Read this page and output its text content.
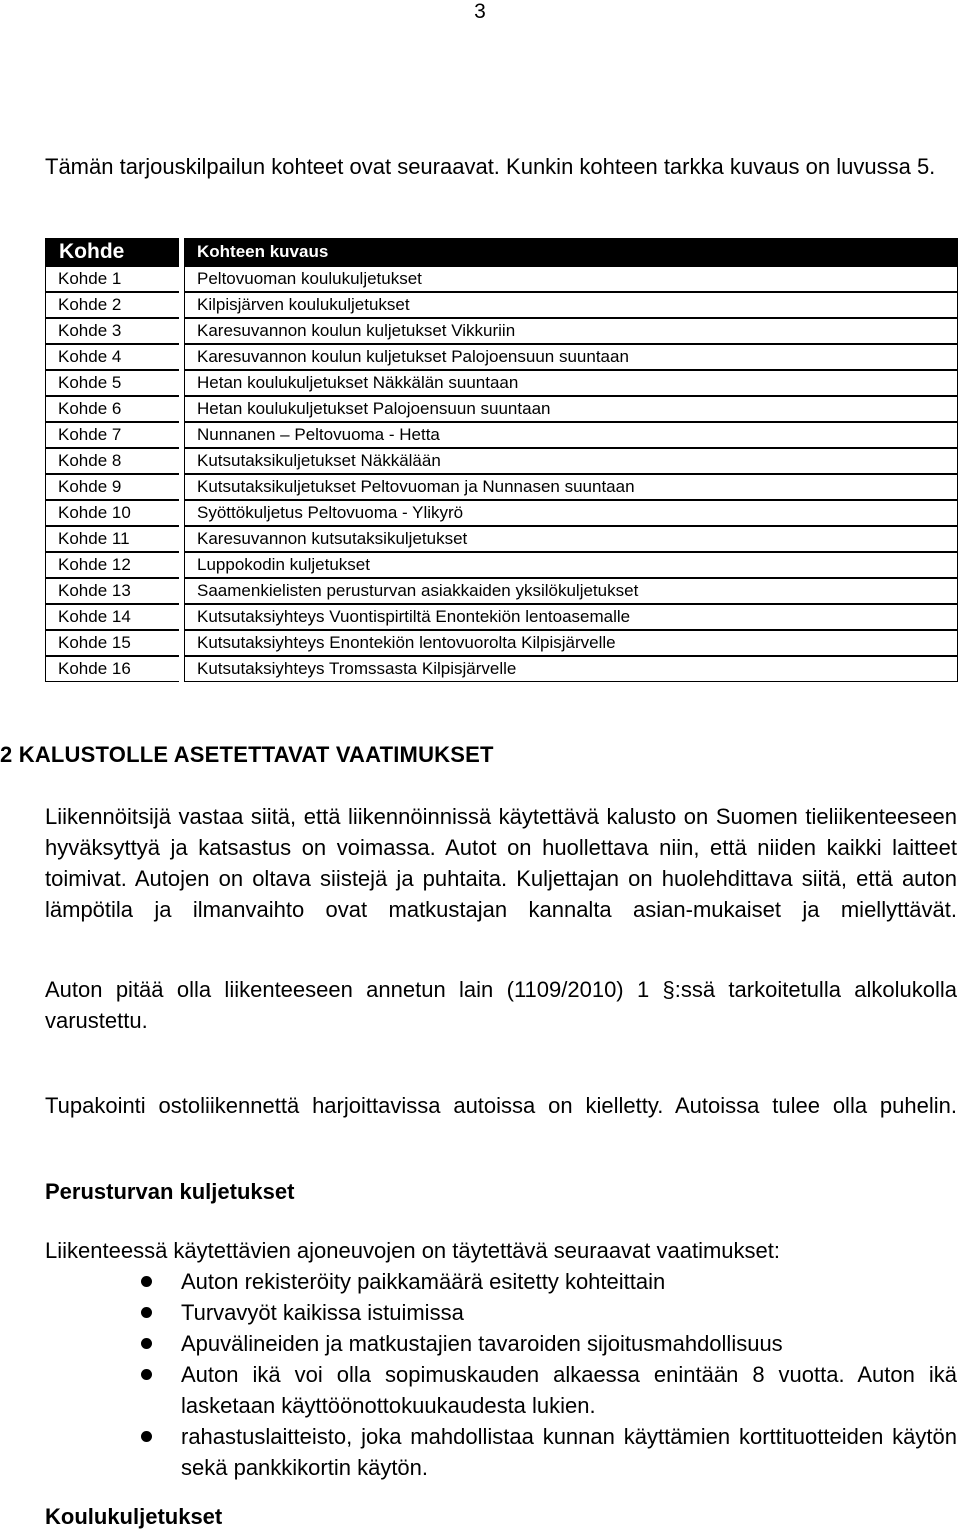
3

Tämän tarjouskilpailun kohteet ovat seuraavat. Kunkin kohteen tarkka kuvaus on luvussa 5.

Kohde		Kohteen kuvaus
Kohde 1		Peltovuoman koulukuljetukset
Kohde 2		Kilpisjärven koulukuljetukset
Kohde 3		Karesuvannon koulun kuljetukset Vikkuriin
Kohde 4		Karesuvannon koulun kuljetukset Palojoensuun suuntaan
Kohde 5		Hetan koulukuljetukset Näkkälän suuntaan
Kohde 6		Hetan koulukuljetukset Palojoensuun suuntaan
Kohde 7		Nunnanen – Peltovuoma - Hetta
Kohde 8		Kutsutaksikuljetukset Näkkälään
Kohde 9		Kutsutaksikuljetukset Peltovuoman ja Nunnasen suuntaan
Kohde 10		Syöttökuljetus Peltovuoma - Ylikyrö
Kohde 11		Karesuvannon kutsutaksikuljetukset
Kohde 12		Luppokodin kuljetukset
Kohde 13		Saamenkielisten perusturvan asiakkaiden yksilökuljetukset
Kohde 14		Kutsutaksiyhteys Vuontispirtiltä Enontekiön lentoasemalle
Kohde 15		Kutsutaksiyhteys Enontekiön lentovuorolta Kilpisjärvelle
Kohde 16		Kutsutaksiyhteys Tromssasta Kilpisjärvelle
2 KALUSTOLLE ASETETTAVAT VAATIMUKSET

Liikennöitsijä vastaa siitä, että liikennöinnissä käytettävä kalusto on Suomen tieliikenteeseen hyväksyttyä ja katsastus on voimassa. Autot on huollettava niin, että niiden kaikki laitteet toimivat. Autojen on oltava siistejä ja puhtaita. Kuljettajan on huolehdittava siitä, että auton lämpötila ja ilmanvaihto ovat matkustajan kannalta asian-mukaiset ja miellyttävät.

Auton pitää olla liikenteeseen annetun lain (1109/2010) 1 §:ssä tarkoitetulla alkolukolla varustettu.

Tupakointi ostoliikennettä harjoittavissa autoissa on kielletty. Autoissa tulee olla puhelin.

Perusturvan kuljetukset

Liikenteessä käytettävien ajoneuvojen on täytettävä seuraavat vaatimukset:

Auton rekisteröity paikkamäärä esitetty kohteittain
Turvavyöt kaikissa istuimissa
Apuvälineiden ja matkustajien tavaroiden sijoitusmahdollisuus
Auton ikä voi olla sopimuskauden alkaessa enintään 8 vuotta. Auton ikä lasketaan käyttöönottokuukaudesta lukien.
rahastuslaitteisto, joka mahdollistaa kunnan käyttämien korttituotteiden käytön sekä pankkikortin käytön.
Koulukuljetukset
